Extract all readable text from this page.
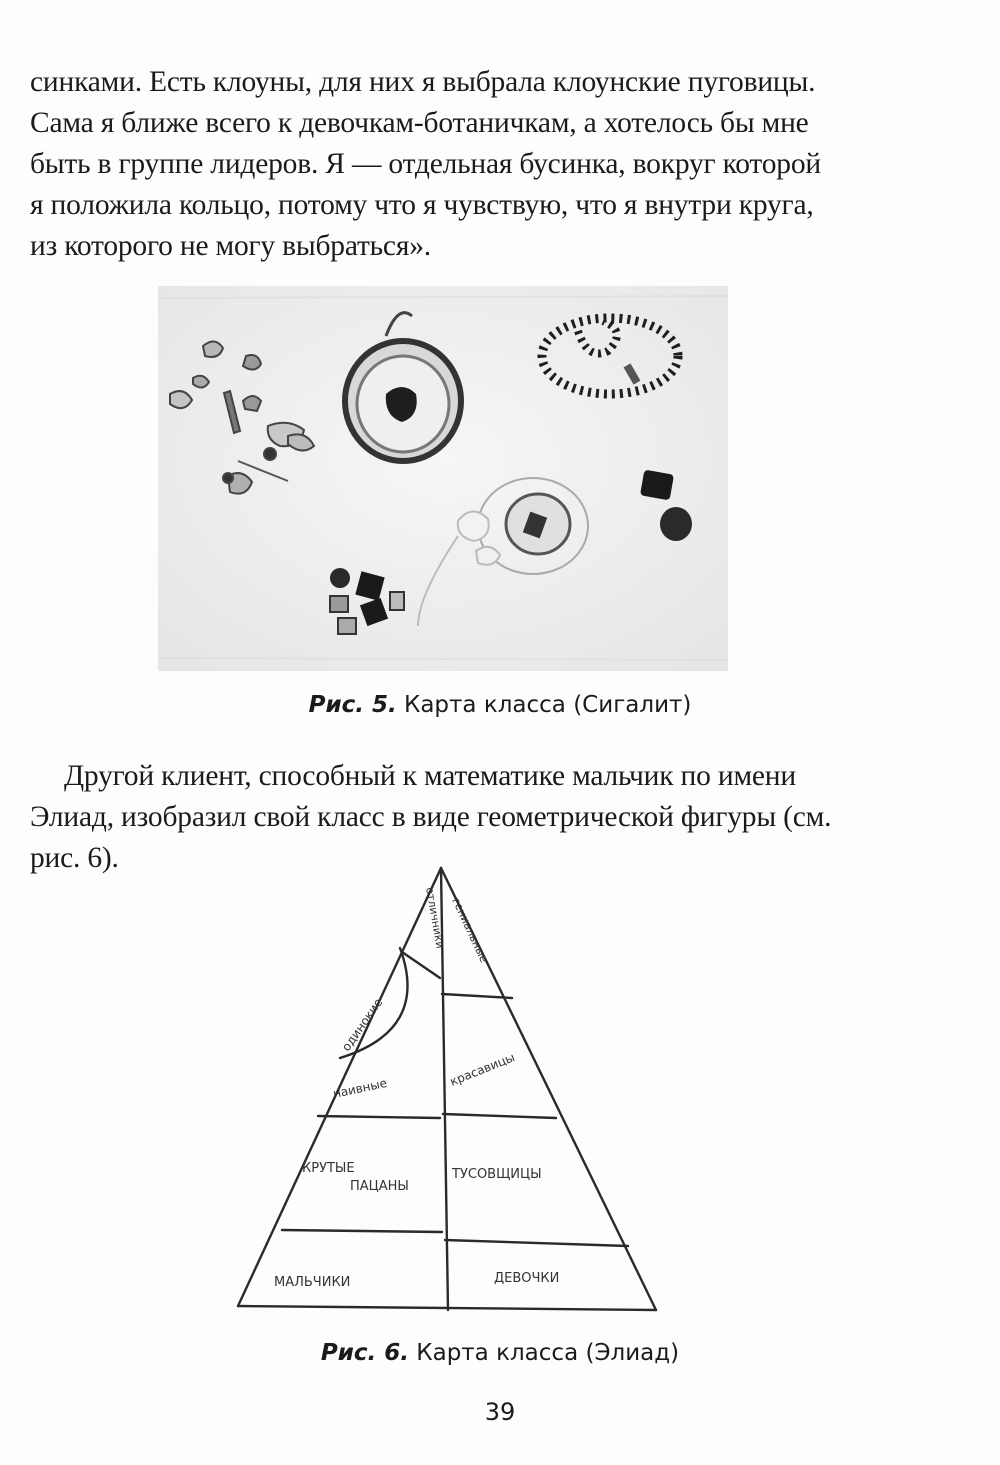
синками. Есть клоуны, для них я выбрала клоунские пуговицы.
Сама я ближе всего к девочкам-ботаничкам, а хотелось бы мне
быть в группе лидеров. Я — отдельная бусинка, вокруг которой
я положила кольцо, потому что я чувствую, что я внутри круга,
из которого не могу выбраться».

Рис. 5. Карта класса (Сигалит)

Другой клиент, способный к математике мальчик по имени
Элиад, изобразил свой класс в виде геометрической фигуры (см.
рис. 6).

отличники гениальные
одинокие
наивные	красавицы
КРУТЫЕ
ПАЦАНЫ
ТУСОВЩИЦЫ
МАЛЬЧИКИ	ДЕВОЧКИ
Рис. 6. Карта класса (Элиад)
39
